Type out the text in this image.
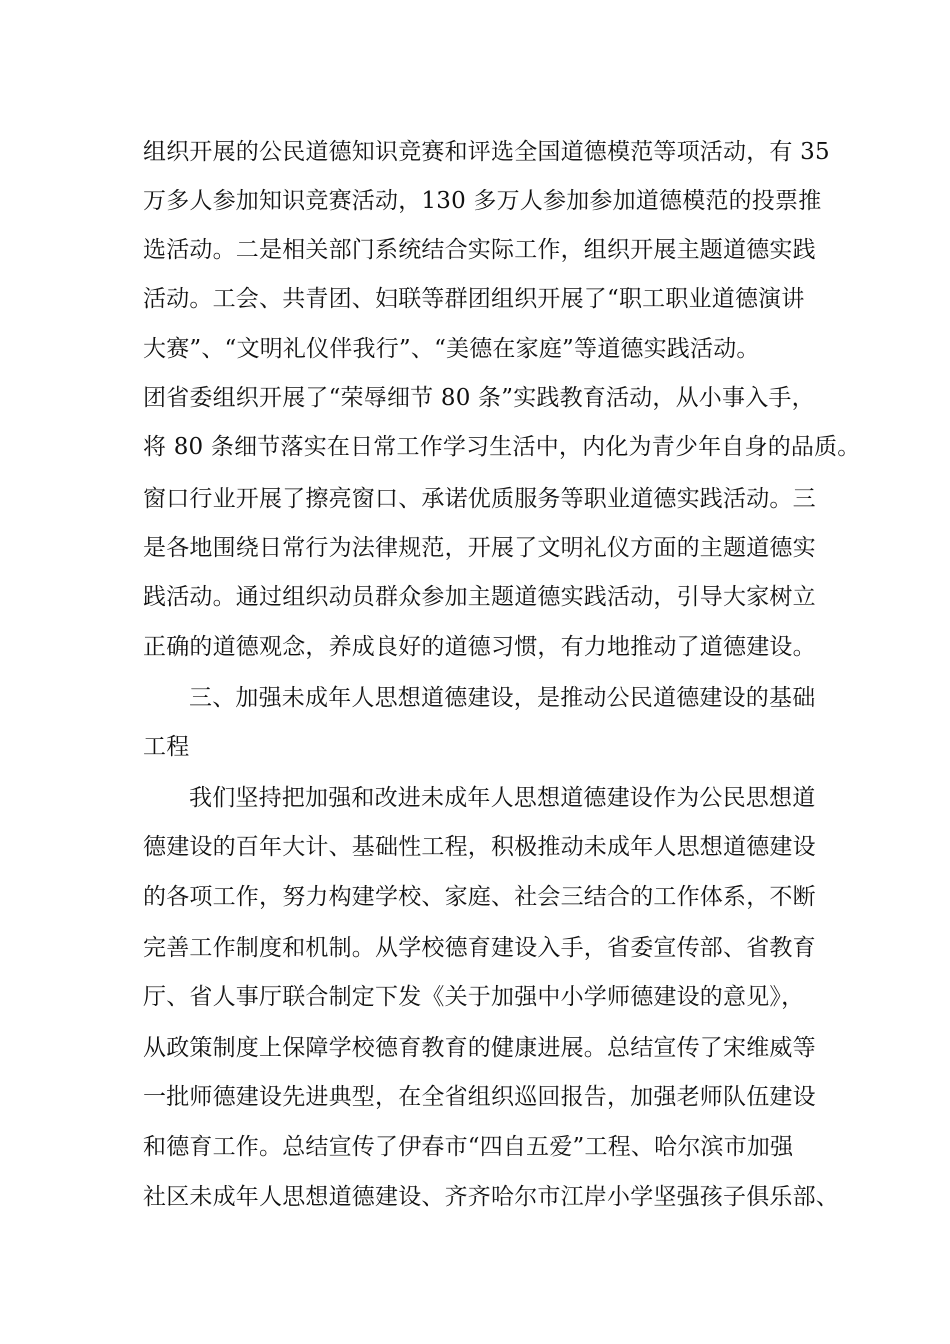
组织开展的公民道德知识竞赛和评选全国道德模范等项活动，有 35
万多人参加知识竞赛活动，130 多万人参加参加道德模范的投票推
选活动。二是相关部门系统结合实际工作，组织开展主题道德实践
活动。工会、共青团、妇联等群团组织开展了“职工职业道德演讲
大赛”、“文明礼仪伴我行”、“美德在家庭”等道德实践活动。
团省委组织开展了“荣辱细节 80 条”实践教育活动，从小事入手，
将 80 条细节落实在日常工作学习生活中，内化为青少年自身的品质。
窗口行业开展了擦亮窗口、承诺优质服务等职业道德实践活动。三
是各地围绕日常行为法律规范，开展了文明礼仪方面的主题道德实
践活动。通过组织动员群众参加主题道德实践活动，引导大家树立
正确的道德观念，养成良好的道德习惯，有力地推动了道德建设。
三、加强未成年人思想道德建设，是推动公民道德建设的基础
工程
我们坚持把加强和改进未成年人思想道德建设作为公民思想道
德建设的百年大计、基础性工程，积极推动未成年人思想道德建设
的各项工作，努力构建学校、家庭、社会三结合的工作体系，不断
完善工作制度和机制。从学校德育建设入手，省委宣传部、省教育
厅、省人事厅联合制定下发《关于加强中小学师德建设的意见》，
从政策制度上保障学校德育教育的健康进展。总结宣传了宋维威等
一批师德建设先进典型，在全省组织巡回报告，加强老师队伍建设
和德育工作。总结宣传了伊春市“四自五爱”工程、哈尔滨市加强
社区未成年人思想道德建设、齐齐哈尔市江岸小学坚强孩子俱乐部、
